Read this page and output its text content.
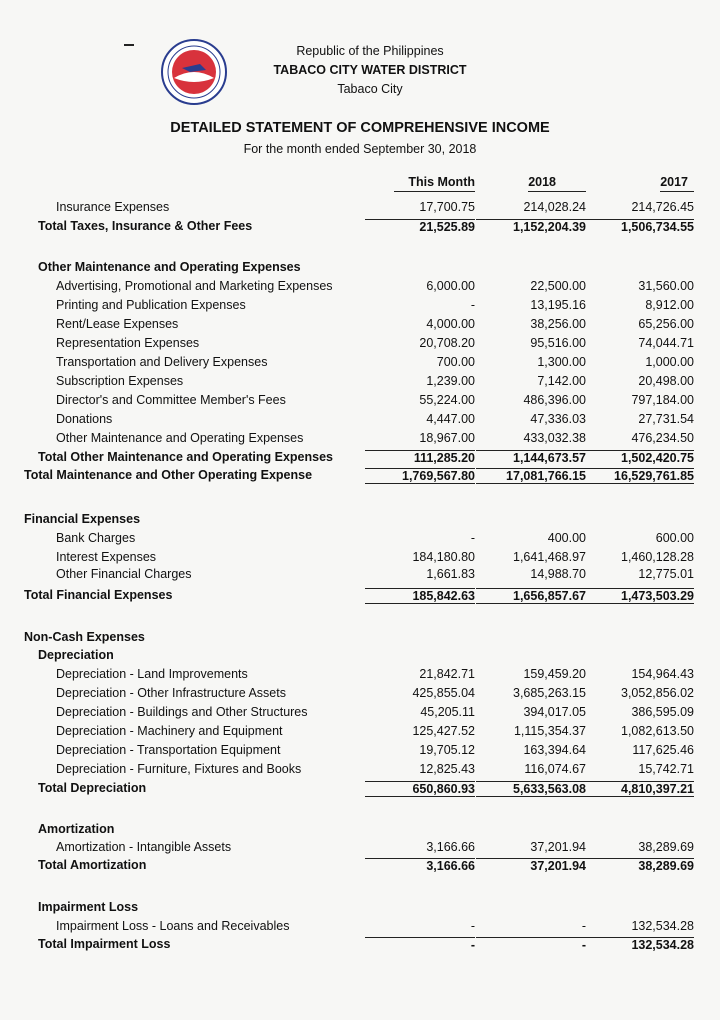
Republic of the Philippines
TABACO CITY WATER DISTRICT
Tabaco City
DETAILED STATEMENT OF COMPREHENSIVE INCOME
For the month ended September 30, 2018
This Month	2018	2017
Insurance Expenses	17,700.75	214,028.24	214,726.45
Total Taxes, Insurance & Other Fees	21,525.89	1,152,204.39	1,506,734.55
Other Maintenance and Operating Expenses
Advertising, Promotional and Marketing Expenses	6,000.00	22,500.00	31,560.00
Printing and Publication Expenses	-	13,195.16	8,912.00
Rent/Lease Expenses	4,000.00	38,256.00	65,256.00
Representation Expenses	20,708.20	95,516.00	74,044.71
Transportation and Delivery Expenses	700.00	1,300.00	1,000.00
Subscription Expenses	1,239.00	7,142.00	20,498.00
Director's and Committee Member's Fees	55,224.00	486,396.00	797,184.00
Donations	4,447.00	47,336.03	27,731.54
Other Maintenance and Operating Expenses	18,967.00	433,032.38	476,234.50
Total Other Maintenance and Operating Expenses	111,285.20	1,144,673.57	1,502,420.75
Total Maintenance and Other Operating Expense	1,769,567.80	17,081,766.15	16,529,761.85
Financial Expenses
Bank Charges	-	400.00	600.00
Interest Expenses	184,180.80	1,641,468.97	1,460,128.28
Other Financial Charges	1,661.83	14,988.70	12,775.01
Total Financial Expenses	185,842.63	1,656,857.67	1,473,503.29
Non-Cash Expenses
Depreciation
Depreciation - Land Improvements	21,842.71	159,459.20	154,964.43
Depreciation - Other Infrastructure Assets	425,855.04	3,685,263.15	3,052,856.02
Depreciation - Buildings and Other Structures	45,205.11	394,017.05	386,595.09
Depreciation - Machinery and Equipment	125,427.52	1,115,354.37	1,082,613.50
Depreciation - Transportation Equipment	19,705.12	163,394.64	117,625.46
Depreciation - Furniture, Fixtures and Books	12,825.43	116,074.67	15,742.71
Total Depreciation	650,860.93	5,633,563.08	4,810,397.21
Amortization
Amortization - Intangible Assets	3,166.66	37,201.94	38,289.69
Total Amortization	3,166.66	37,201.94	38,289.69
Impairment Loss
Impairment Loss - Loans and Receivables	-	-	132,534.28
Total Impairment Loss	-	-	132,534.28
